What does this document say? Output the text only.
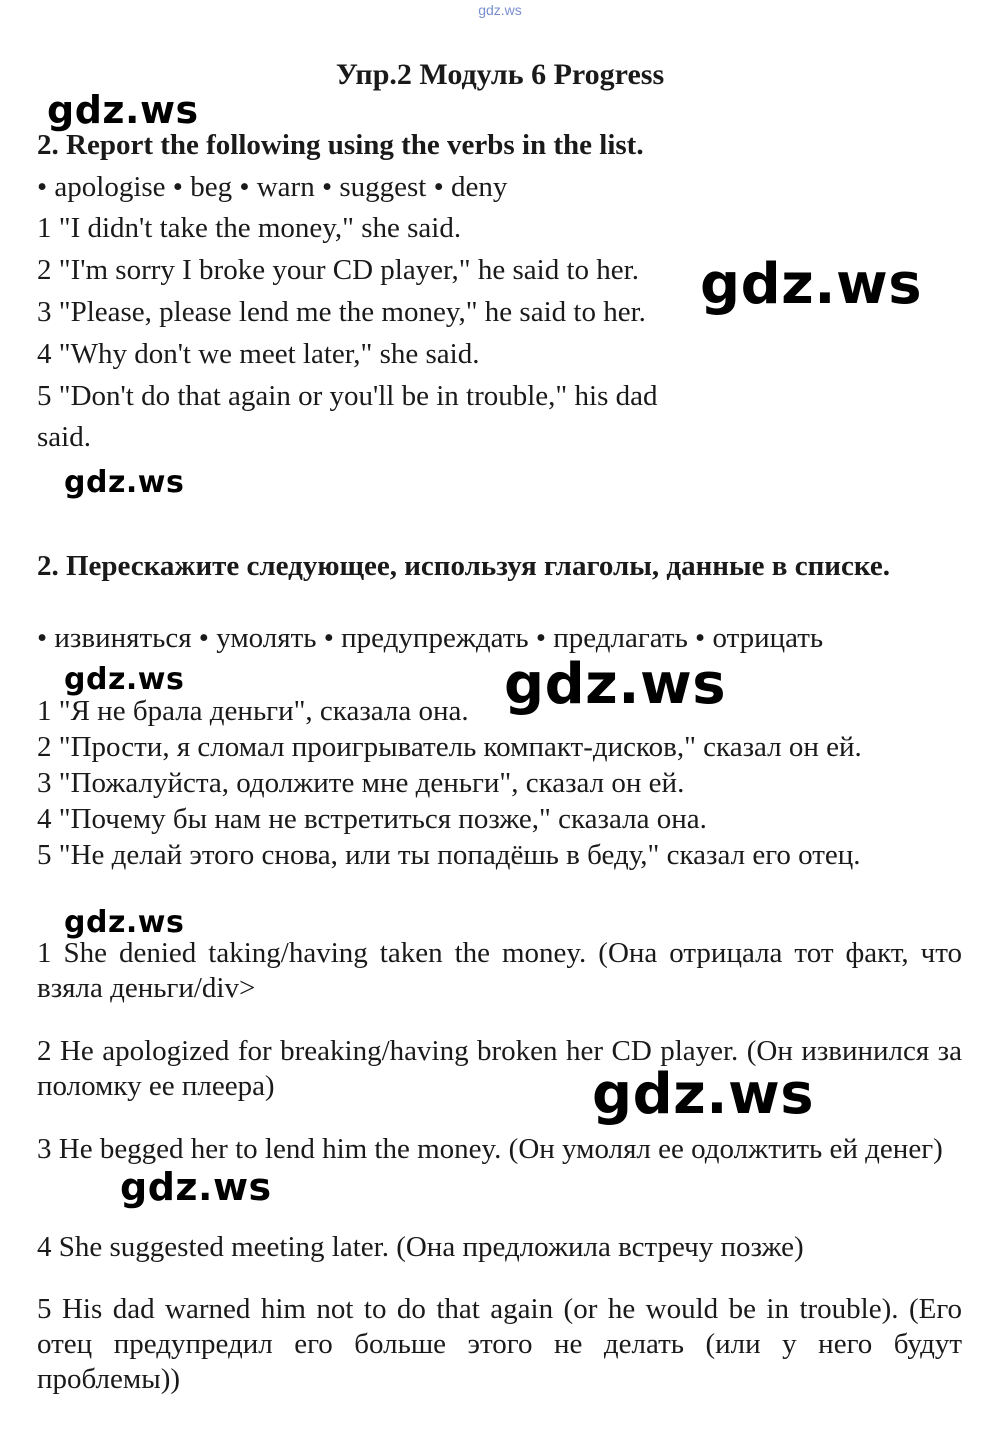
gdz.ws
Упр.2 Модуль 6 Progress

2. Report the following using the verbs in the list.

• apologise • beg • warn • suggest • deny

1 "I didn't take the money," she said.

2 "I'm sorry I broke your CD player," he said to her.

3 "Please, please lend me the money," he said to her.

4 "Why don't we meet later," she said.

5 "Don't do that again or you'll be in trouble," his dad

said.

2. Перескажите следующее, используя глаголы, данные в списке.

• извиняться • умолять • предупреждать • предлагать • отрицать

1 "Я не брала деньги", сказала она.

2 "Прости, я сломал проигрыватель компакт-дисков," сказал он ей.

3 "Пожалуйста, одолжите мне деньги", сказал он ей.

4 "Почему бы нам не встретиться позже," сказала она.

5 "Не делай этого снова, или ты попадёшь в беду," сказал его отец.

1 She denied taking/having taken the money. (Она отрицала тот факт, что взяла деньги/div>

2 He apologized for breaking/having broken her CD player. (Он извинился за поломку ее плеера)

3 He begged her to lend him the money. (Он умолял ее одолжтить ей денег)

4 She suggested meeting later. (Она предложила встречу позже)

5 His dad warned him not to do that again (or he would be in trouble). (Его отец предупредил его больше этого не делать (или у него будут проблемы))

gdz.ws
gdz.ws
gdz.ws
gdz.ws	gdz.ws
gdz.ws
gdz.ws
gdz.ws
